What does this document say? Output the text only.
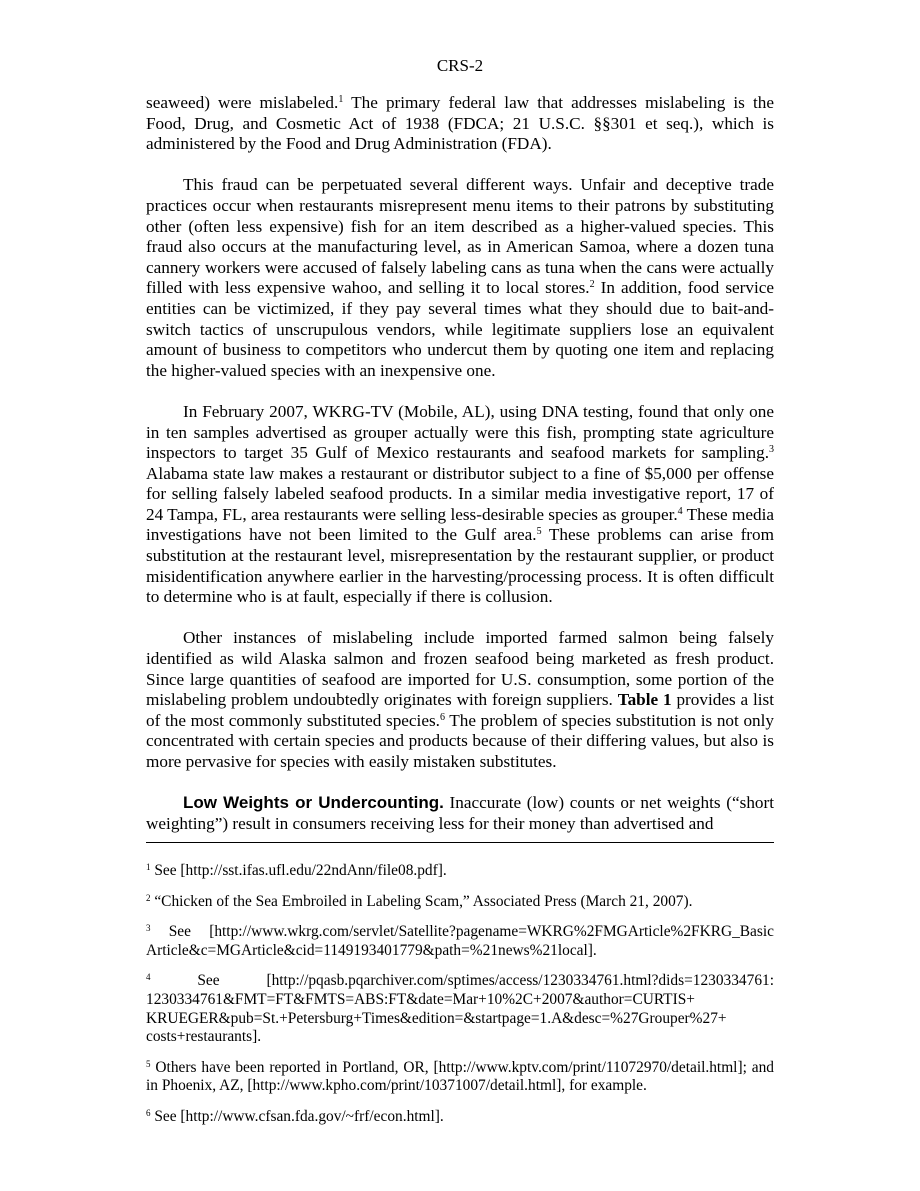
CRS-2

seaweed) were mislabeled.$^1$ The primary federal law that addresses mislabeling is the Food, Drug, and Cosmetic Act of 1938 (FDCA; 21 U.S.C. §§301 et seq.), which is administered by the Food and Drug Administration (FDA).

This fraud can be perpetuated several different ways. Unfair and deceptive trade practices occur when restaurants misrepresent menu items to their patrons by substituting other (often less expensive) fish for an item described as a higher-valued species. This fraud also occurs at the manufacturing level, as in American Samoa, where a dozen tuna cannery workers were accused of falsely labeling cans as tuna when the cans were actually filled with less expensive wahoo, and selling it to local stores.$^2$ In addition, food service entities can be victimized, if they pay several times what they should due to bait-and-switch tactics of unscrupulous vendors, while legitimate suppliers lose an equivalent amount of business to competitors who undercut them by quoting one item and replacing the higher-valued species with an inexpensive one.

In February 2007, WKRG-TV (Mobile, AL), using DNA testing, found that only one in ten samples advertised as grouper actually were this fish, prompting state agriculture inspectors to target 35 Gulf of Mexico restaurants and seafood markets for sampling.$^3$ Alabama state law makes a restaurant or distributor subject to a fine of $5,000 per offense for selling falsely labeled seafood products. In a similar media investigative report, 17 of 24 Tampa, FL, area restaurants were selling less-desirable species as grouper.$^4$ These media investigations have not been limited to the Gulf area.$^5$ These problems can arise from substitution at the restaurant level, misrepresentation by the restaurant supplier, or product misidentification anywhere earlier in the harvesting/processing process. It is often difficult to determine who is at fault, especially if there is collusion.

Other instances of mislabeling include imported farmed salmon being falsely identified as wild Alaska salmon and frozen seafood being marketed as fresh product. Since large quantities of seafood are imported for U.S. consumption, some portion of the mislabeling problem undoubtedly originates with foreign suppliers. Table 1 provides a list of the most commonly substituted species.$^6$ The problem of species substitution is not only concentrated with certain species and products because of their differing values, but also is more pervasive for species with easily mistaken substitutes.

Low Weights or Undercounting. Inaccurate (low) counts or net weights (“short weighting”) result in consumers receiving less for their money than advertised and

$^1$ See [http://sst.ifas.ufl.edu/22ndAnn/file08.pdf].

$^2$ “Chicken of the Sea Embroiled in Labeling Scam,” Associated Press (March 21, 2007).

$^3$ See [http://www.wkrg.com/servlet/Satellite?pagename=WKRG%2FMGArticle%2FKRG_Basic Article&c=MGArticle&cid=1149193401779&path=%21news%21local].

$^4$ See [http://pqasb.pqarchiver.com/sptimes/access/1230334761.html?dids=1230334761: 1230334761&FMT=FT&FMTS=ABS:FT&date=Mar+10%2C+2007&author=CURTIS+ KRUEGER&pub=St.+Petersburg+Times&edition=&startpage=1.A&desc=%27Grouper%27+ costs+restaurants].

$^5$ Others have been reported in Portland, OR, [http://www.kptv.com/print/11072970/detail.html]; and in Phoenix, AZ, [http://www.kpho.com/print/10371007/detail.html], for example.

$^6$ See [http://www.cfsan.fda.gov/~frf/econ.html].
